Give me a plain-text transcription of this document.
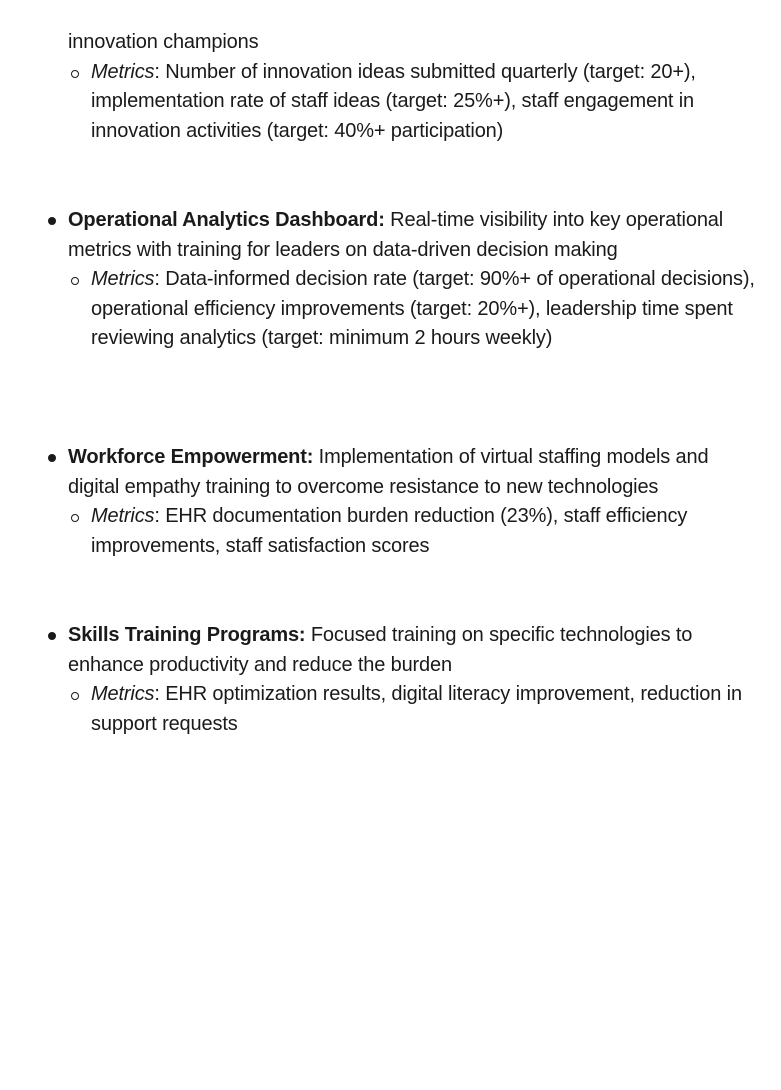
innovation champions
Metrics: Number of innovation ideas submitted quarterly (target: 20+), implementation rate of staff ideas (target: 25%+), staff engagement in innovation activities (target: 40%+ participation)
Operational Analytics Dashboard: Real-time visibility into key operational metrics with training for leaders on data-driven decision making
Metrics: Data-informed decision rate (target: 90%+ of operational decisions), operational efficiency improvements (target: 20%+), leadership time spent reviewing analytics (target: minimum 2 hours weekly)
Workforce Empowerment: Implementation of virtual staffing models and digital empathy training to overcome resistance to new technologies
Metrics: EHR documentation burden reduction (23%), staff efficiency improvements, staff satisfaction scores
Skills Training Programs: Focused training on specific technologies to enhance productivity and reduce the burden
Metrics: EHR optimization results, digital literacy improvement, reduction in support requests
